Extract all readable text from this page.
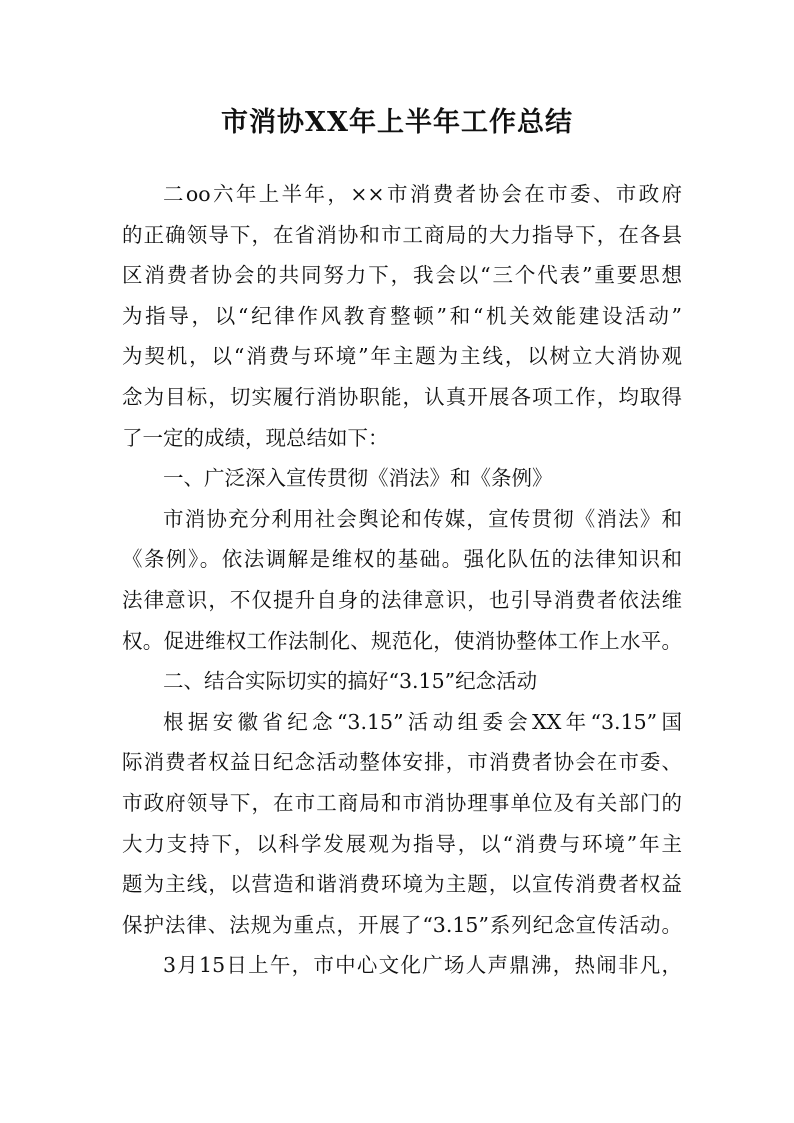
市消协XX年上半年工作总结
二oo六年上半年，××市消费者协会在市委、市政府
的正确领导下，在省消协和市工商局的大力指导下，在各县
区消费者协会的共同努力下，我会以“三个代表”重要思想
为指导，以“纪律作风教育整顿”和“机关效能建设活动”
为契机，以“消费与环境”年主题为主线，以树立大消协观
念为目标，切实履行消协职能，认真开展各项工作，均取得
了一定的成绩，现总结如下：
一、广泛深入宣传贯彻《消法》和《条例》
市消协充分利用社会舆论和传媒，宣传贯彻《消法》和
《条例》。依法调解是维权的基础。强化队伍的法律知识和
法律意识，不仅提升自身的法律意识，也引导消费者依法维
权。促进维权工作法制化、规范化，使消协整体工作上水平。
二、结合实际切实的搞好“3.15”纪念活动
根据安徽省纪念“3.15”活动组委会XX年“3.15”国
际消费者权益日纪念活动整体安排，市消费者协会在市委、
市政府领导下，在市工商局和市消协理事单位及有关部门的
大力支持下，以科学发展观为指导，以“消费与环境”年主
题为主线，以营造和谐消费环境为主题，以宣传消费者权益
保护法律、法规为重点，开展了“3.15”系列纪念宣传活动。
3月15日上午，市中心文化广场人声鼎沸，热闹非凡，
